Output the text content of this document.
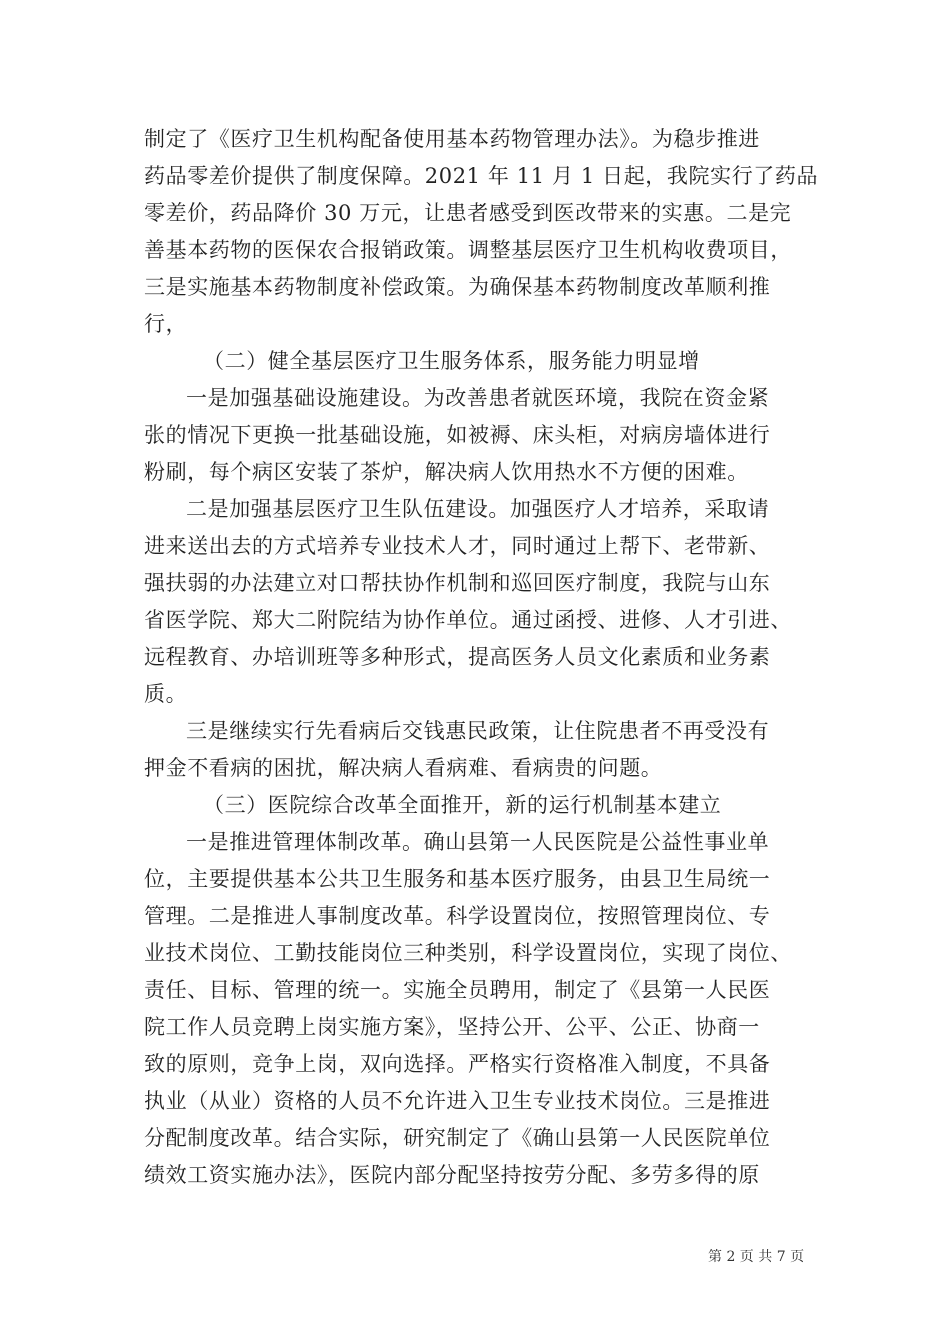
制定了《医疗卫生机构配备使用基本药物管理办法》。为稳步推进
药品零差价提供了制度保障。2021 年 11 月 1 日起，我院实行了药品
零差价，药品降价 30 万元，让患者感受到医改带来的实惠。二是完
善基本药物的医保农合报销政策。调整基层医疗卫生机构收费项目，
三是实施基本药物制度补偿政策。为确保基本药物制度改革顺利推
行，
（二）健全基层医疗卫生服务体系，服务能力明显增
一是加强基础设施建设。为改善患者就医环境，我院在资金紧
张的情况下更换一批基础设施，如被褥、床头柜，对病房墙体进行
粉刷，每个病区安装了茶炉，解决病人饮用热水不方便的困难。
二是加强基层医疗卫生队伍建设。加强医疗人才培养，采取请
进来送出去的方式培养专业技术人才，同时通过上帮下、老带新、
强扶弱的办法建立对口帮扶协作机制和巡回医疗制度，我院与山东
省医学院、郑大二附院结为协作单位。通过函授、进修、人才引进、
远程教育、办培训班等多种形式，提高医务人员文化素质和业务素
质。
三是继续实行先看病后交钱惠民政策，让住院患者不再受没有
押金不看病的困扰，解决病人看病难、看病贵的问题。
（三）医院综合改革全面推开，新的运行机制基本建立
一是推进管理体制改革。确山县第一人民医院是公益性事业单
位，主要提供基本公共卫生服务和基本医疗服务，由县卫生局统一
管理。二是推进人事制度改革。科学设置岗位，按照管理岗位、专
业技术岗位、工勤技能岗位三种类别，科学设置岗位，实现了岗位、
责任、目标、管理的统一。实施全员聘用，制定了《县第一人民医
院工作人员竞聘上岗实施方案》，坚持公开、公平、公正、协商一
致的原则，竞争上岗，双向选择。严格实行资格准入制度，不具备
执业（从业）资格的人员不允许进入卫生专业技术岗位。三是推进
分配制度改革。结合实际，研究制定了《确山县第一人民医院单位
绩效工资实施办法》，医院内部分配坚持按劳分配、多劳多得的原
第 2 页 共 7 页
